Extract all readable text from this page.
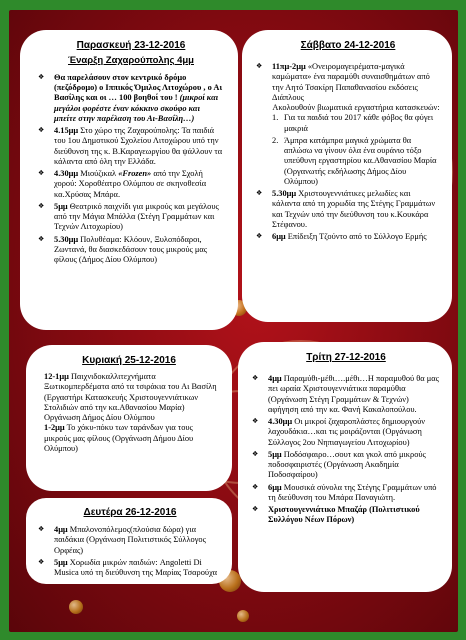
Παρασκευή 23-12-2016
Έναρξη Ζαχαρούπολης 4μμ
❖ Θα παρελάσουν στον κεντρικό δρόμο (πεζόδρομο) ο Ιππικός Όμιλος Λιτοχώρου , ο Αι Βασίλης και οι … 100 βοηθοί του ! (μικροί και μεγάλοι φορέστε έναν κόκκινο σκούφο και μπείτε στην παρέλαση του Αι-Βασίλη…)
❖ 4.15μμ Στο χώρο της Ζαχαρούπολης: Τα παιδιά του 1ου Δημοτικού Σχολείου Λιτοχώρου υπό την διεύθυνση της κ. Β.Καραγεωργίου θα ψάλλουν τα κάλαντα από όλη την Ελλάδα.
❖ 4.30μμ Μιούζικαλ «Frozen» από την Σχολή χορού: Χοροθέατρο Ολύμπου σε σκηνοθεσία κα.Χρύσας Μπάρα.
❖ 5μμ Θεατρικό παιχνίδι για μικρούς και μεγάλους από την Μάγια Μπάλλα (Στέγη Γραμμάτων και Τεχνών Λιτοχωρίου)
❖ 5.30μμ Πολυθέαμα: Κλόουν, Ξυλοπόδαροι, Ζωντανά, θα διασκεδάσουν τους μικρούς μας φίλους (Δήμος Δίου Ολύμπου)
Σάββατο 24-12-2016
❖ 11πμ-2μμ «Ονειρομαγειρέματα-μαγικά καμώματα» ένα παραμύθι συναισθημάτων από την Αητό Τσακίρη Παπαθανασίου εκδόσεις Διάπλους
Ακολουθούν βιωματικά εργαστήρια κατασκευών:
1. Για τα παιδιά του 2017 κάθε φόβος θα φύγει μακριά
2. Άμπρα κατάμπρα μαγικά χρώματα θα απλώσω να γίνουν όλα ένα ουράνιο τόξο υπεύθυνη εργαστηρίου κα.Αθανασίου Μαρία (Οργανωτής εκδήλωσης Δήμος Δίου Ολύμπου)
❖ 5.30μμ Χριστουγεννιάτικες μελωδίες και κάλαντα από τη χορωδία της Στέγης Γραμμάτων και Τεχνών υπό την διεύθυνση του κ.Κουκάρα Στέφανου.
❖ 6μμ Επίδειξη Τζούντο από το Σύλλογο Ερμής
Κυριακή 25-12-2016

12-1μμ Παιχνιδοκαλλιτεχνήματα Ξωτικομπερδέματα από τα τσιράκια του Αι Βασίλη (Εργαστήρι Κατασκευής Χριστουγεννιάτικων Στολιδιών από την κα.Αθανασίου Μαρία)

Οργάνωση Δήμος Δίου Ολύμπου

1-2μμ Το χόκυ-πόκυ των ταράνδων για τους μικρούς μας φίλους (Οργάνωση Δήμου Δίου Ολύμπου)

Δευτέρα 26-12-2016
❖ 4μμ Μπαλονοπόλεμος(πλούσια δώρα) για παιδάκια (Οργάνωση Πολιτιστικός Σύλλογος Ορφέας)
❖ 5μμ Χορωδία μικρών παιδιών: Angoletti Di Musica υπό τη διεύθυνση της Μαρίας Τσαρούχα
Τρίτη 27-12-2016
❖ 4μμ Παραμύθι-μέθι….μέθι…Η παραμυθού θα μας πει ωραία Χριστουγεννιάτικα παραμύθια (Οργάνωση Στέγη Γραμμάτων & Τεχνών) αφήγηση από την κα. Φανή Κακαλοπούλου.
❖ 4.30μμ Οι μικροί ζαχαροπλάστες δημιουργούν λαχουδάκια…και τις μοιράζονται (Οργάνωση Σύλλογος 2ου Νηπιαγωγείου Λιτοχωρίου)
❖ 5μμ Ποδόσφαιρο…σουτ και γκολ από μικρούς ποδοσφαιριστές (Οργάνωση Ακαδημία Ποδοσφαίρου)
❖ 6μμ Μουσικά σύνολα της Στέγης Γραμμάτων υπό τη διεύθυνση του Μπάρα Παναγιώτη.
❖ Χριστουγεννιάτικο Μπαζάρ (Πολιτιστικού Συλλόγου Νέων Πόρων)
